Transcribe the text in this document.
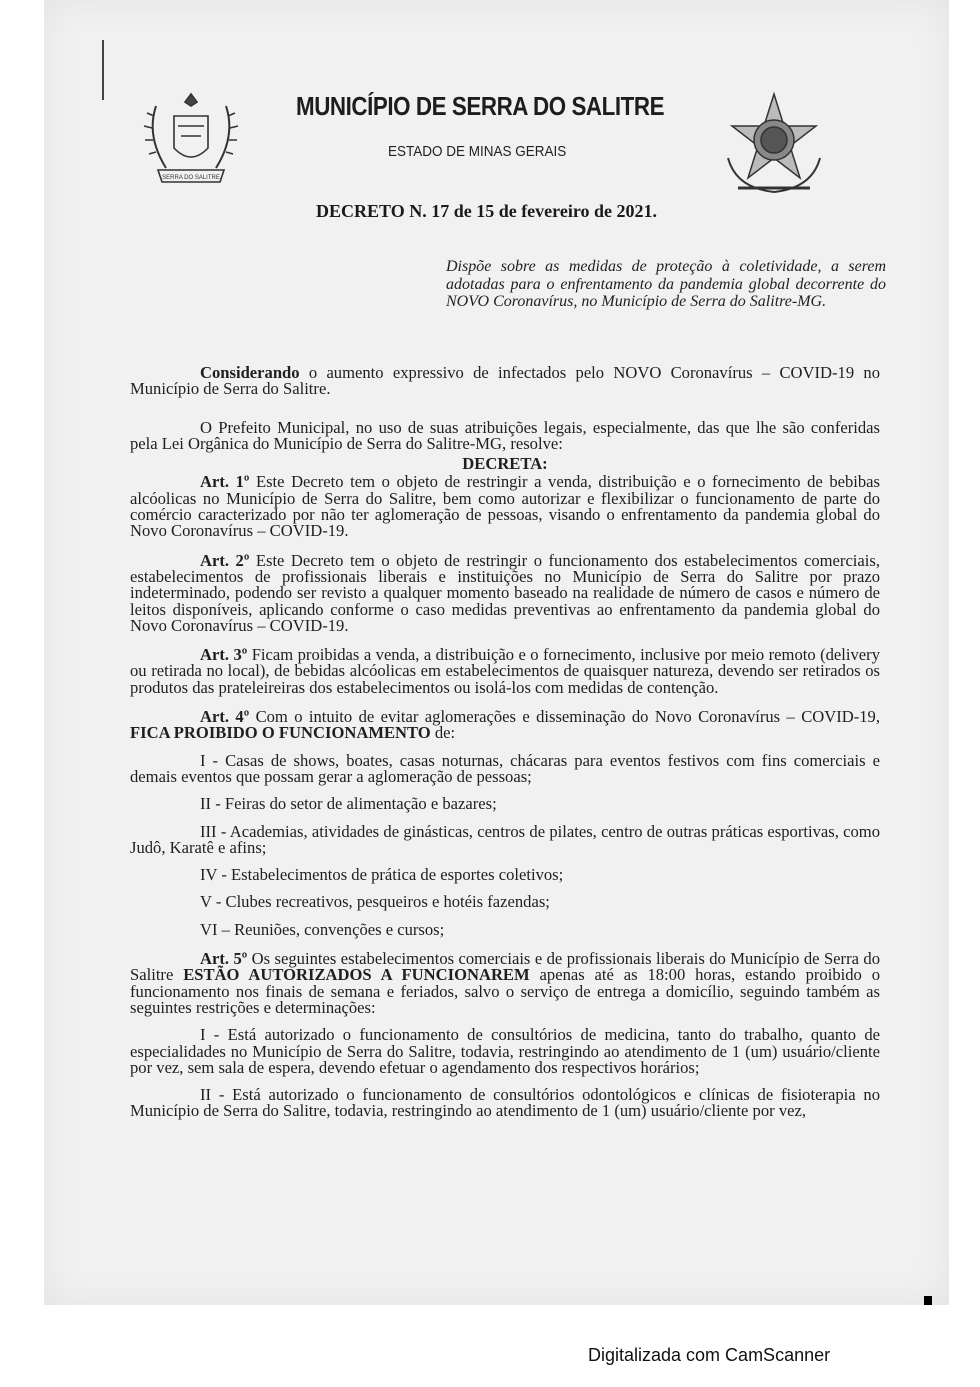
SERRA DO SALITRE
MUNICÍPIO DE SERRA DO SALITRE
ESTADO DE MINAS GERAIS
DECRETO N. 17 de 15 de fevereiro de 2021.
Dispõe sobre as medidas de proteção à coletividade, a serem adotadas para o enfrentamento da pandemia global decorrente do NOVO Coronavírus, no Município de Serra do Salitre-MG.

Considerando o aumento expressivo de infectados pelo NOVO Coronavírus – COVID-19 no Município de Serra do Salitre.

O Prefeito Municipal, no uso de suas atribuições legais, especialmente, das que lhe são conferidas pela Lei Orgânica do Município de Serra do Salitre-MG, resolve:

DECRETA:

Art. 1º Este Decreto tem o objeto de restringir a venda, distribuição e o fornecimento de bebibas alcóolicas no Município de Serra do Salitre, bem como autorizar e flexibilizar o funcionamento de parte do comércio caracterizado por não ter aglomeração de pessoas, visando o enfrentamento da pandemia global do Novo Coronavírus – COVID-19.

Art. 2º Este Decreto tem o objeto de restringir o funcionamento dos estabelecimentos comerciais, estabelecimentos de profissionais liberais e instituições no Município de Serra do Salitre por prazo indeterminado, podendo ser revisto a qualquer momento baseado na realidade de número de casos e número de leitos disponíveis, aplicando conforme o caso medidas preventivas ao enfrentamento da pandemia global do Novo Coronavírus – COVID-19.

Art. 3º Ficam proibidas a venda, a distribuição e o fornecimento, inclusive por meio remoto (delivery ou retirada no local), de bebidas alcóolicas em estabelecimentos de quaisquer natureza, devendo ser retirados os produtos das prateleireiras dos estabelecimentos ou isolá-los com medidas de contenção.

Art. 4º Com o intuito de evitar aglomerações e disseminação do Novo Coronavírus – COVID-19, FICA PROIBIDO O FUNCIONAMENTO de:

I - Casas de shows, boates, casas noturnas, chácaras para eventos festivos com fins comerciais e demais eventos que possam gerar a aglomeração de pessoas;

II - Feiras do setor de alimentação e bazares;

III - Academias, atividades de ginásticas, centros de pilates, centro de outras práticas esportivas, como Judô, Karatê e afins;

IV - Estabelecimentos de prática de esportes coletivos;

V - Clubes recreativos, pesqueiros e hotéis fazendas;

VI – Reuniões, convenções e cursos;

Art. 5º Os seguintes estabelecimentos comerciais e de profissionais liberais do Município de Serra do Salitre ESTÃO AUTORIZADOS A FUNCIONAREM apenas até as 18:00 horas, estando proibido o funcionamento nos finais de semana e feriados, salvo o serviço de entrega a domicílio, seguindo também as seguintes restrições e determinações:

I - Está autorizado o funcionamento de consultórios de medicina, tanto do trabalho, quanto de especialidades no Município de Serra do Salitre, todavia, restringindo ao atendimento de 1 (um) usuário/cliente por vez, sem sala de espera, devendo efetuar o agendamento dos respectivos horários;

II - Está autorizado o funcionamento de consultórios odontológicos e clínicas de fisioterapia no Município de Serra do Salitre, todavia, restringindo ao atendimento de 1 (um) usuário/cliente por vez,

Digitalizada com CamScanner
